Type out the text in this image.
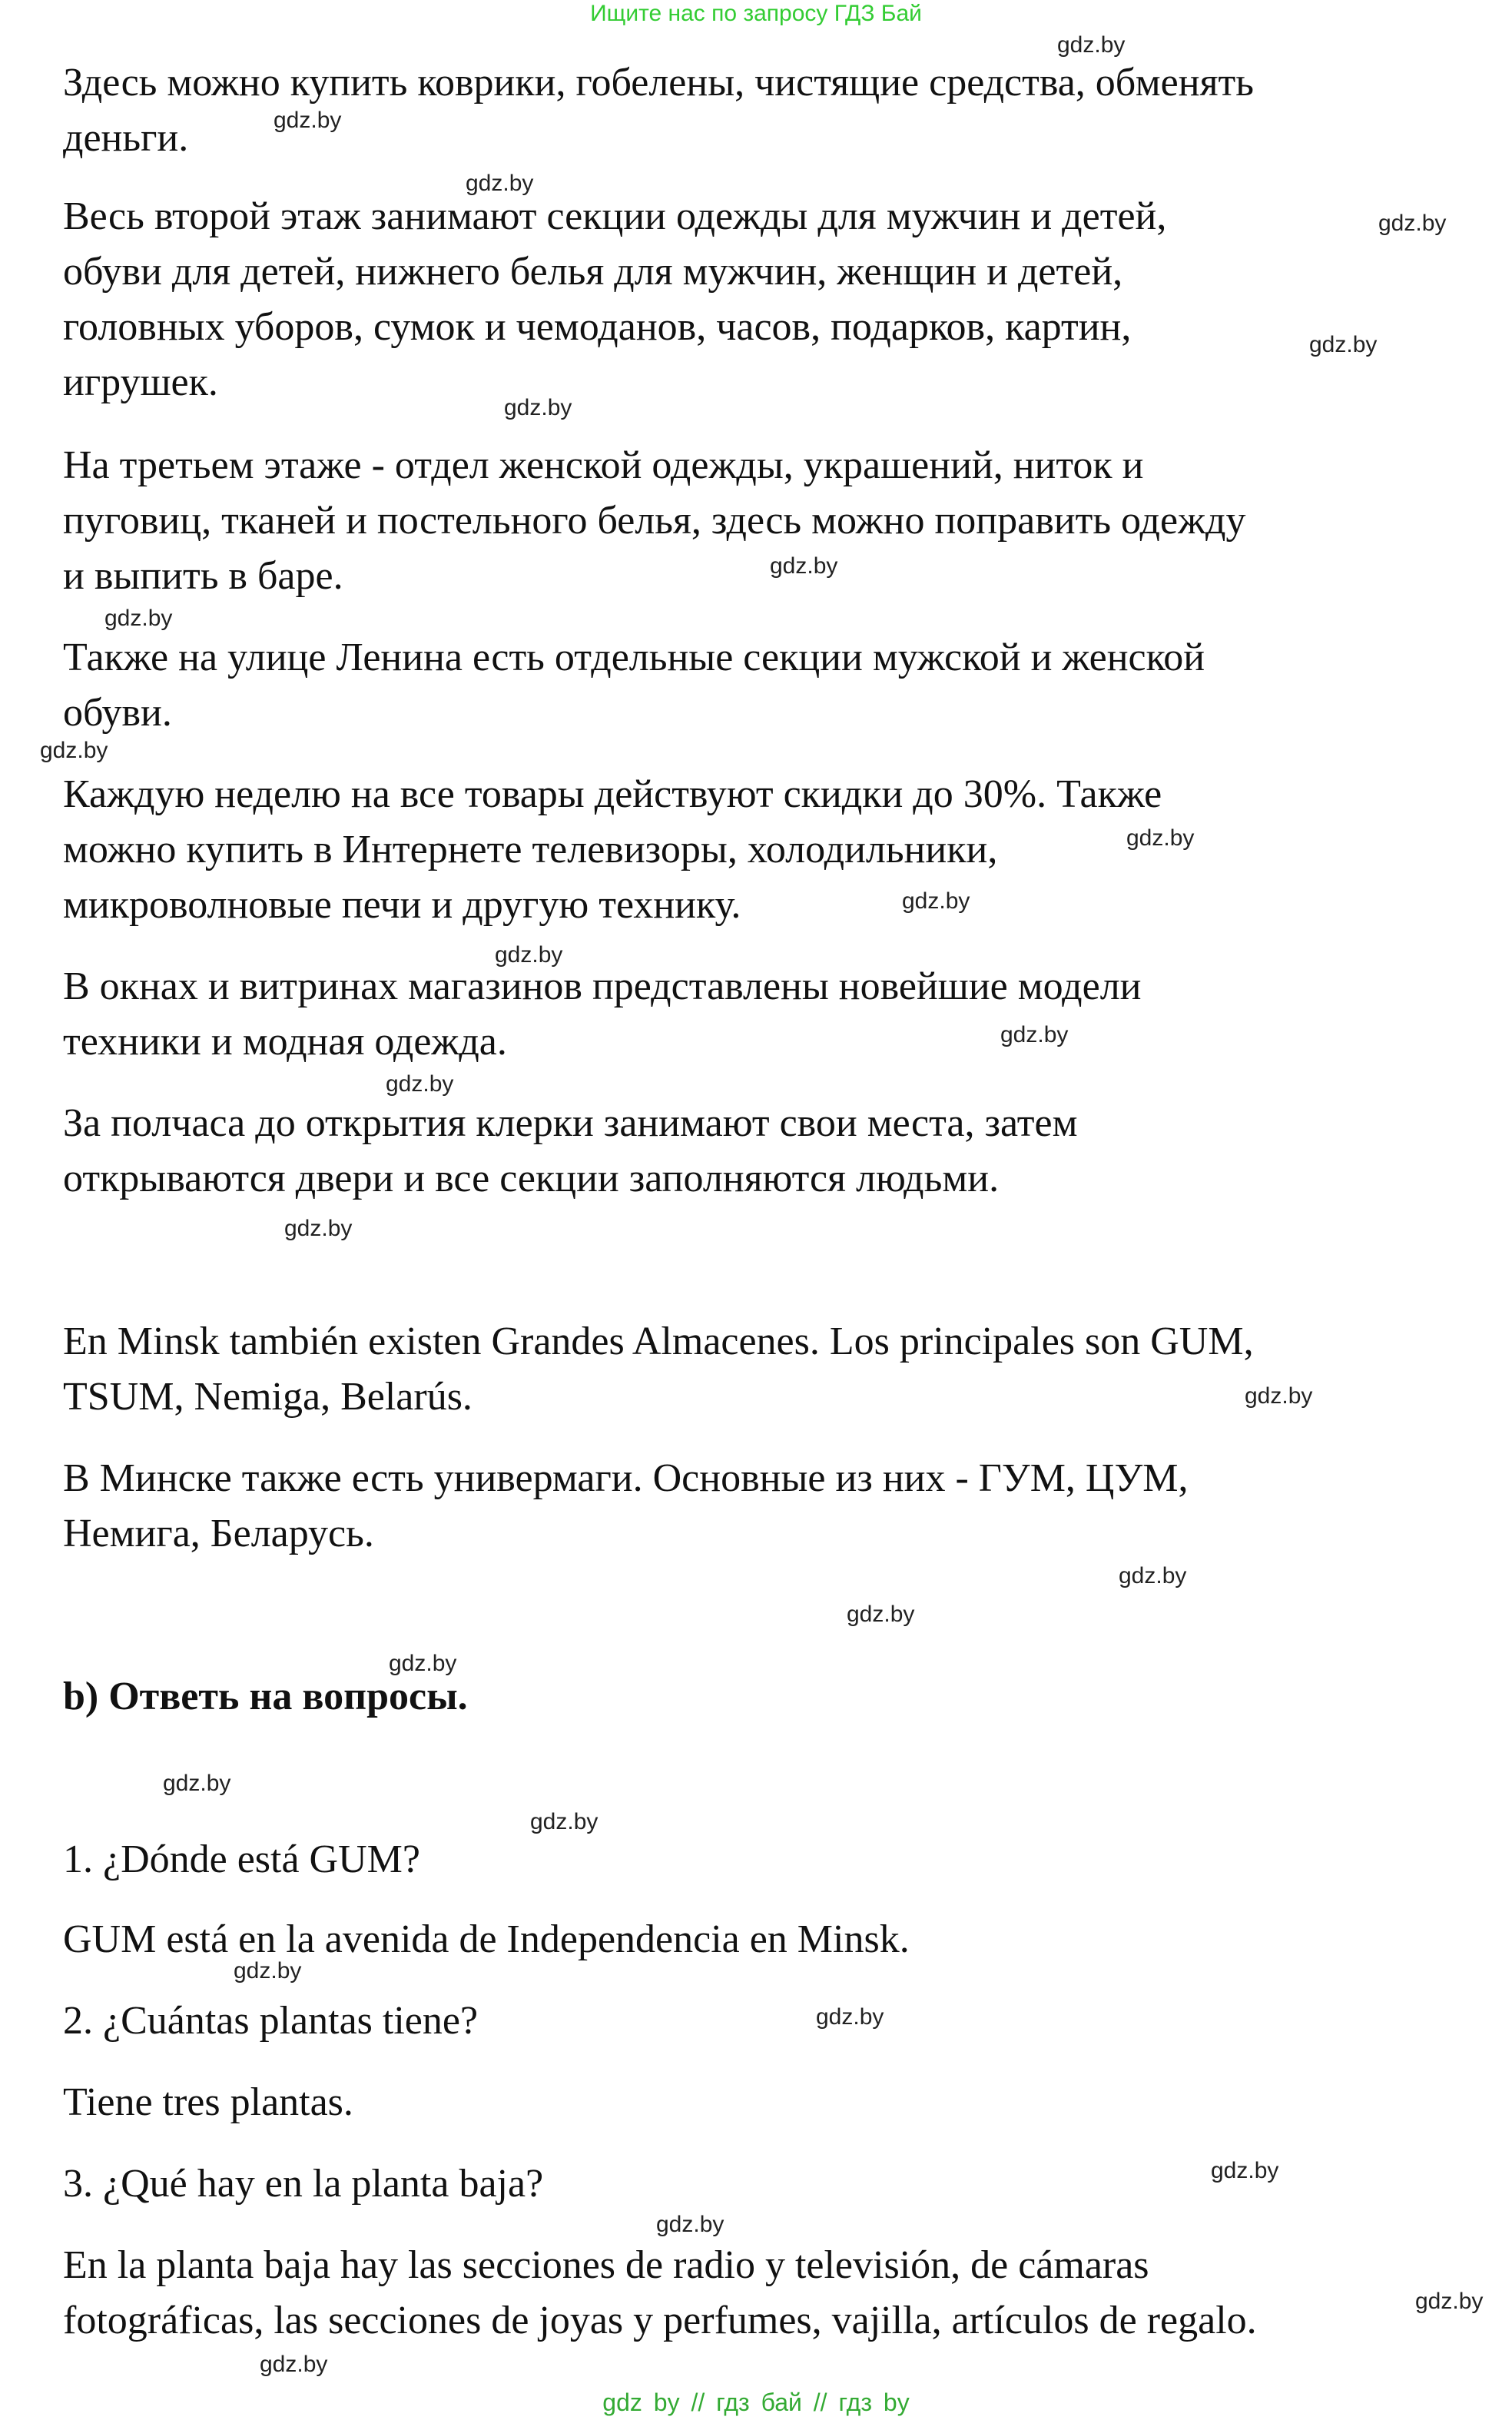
Ищите нас по запросу ГДЗ Бай

Здесь можно купить коврики, гобелены, чистящие средства, обменять
деньги.

Весь второй этаж занимают секции одежды для мужчин и детей,
обуви для детей, нижнего белья для мужчин, женщин и детей,
головных уборов, сумок и чемоданов, часов, подарков, картин,
игрушек.

На третьем этаже - отдел женской одежды, украшений, ниток и
пуговиц, тканей и постельного белья, здесь можно поправить одежду
и выпить в баре.

Также на улице Ленина есть отдельные секции мужской и женской
обуви.

Каждую неделю на все товары действуют скидки до 30%. Также
можно купить в Интернете телевизоры, холодильники,
микроволновые печи и другую технику.

В окнах и витринах магазинов представлены новейшие модели
техники и модная одежда.

За полчаса до открытия клерки занимают свои места, затем
открываются двери и все секции заполняются людьми.

En Minsk también existen Grandes Almacenes. Los principales son GUM,
TSUM, Nemiga, Belarús.

В Минске также есть универмаги. Основные из них - ГУМ, ЦУМ,
Немига, Беларусь.

b) Ответь на вопросы.

1. ¿Dónde está GUM?

GUM está en la avenida de Independencia en Minsk.

2. ¿Cuántas plantas tiene?

Tiene tres plantas.

3. ¿Qué hay en la planta baja?

En la planta baja hay las secciones de radio y televisión, de cámaras
fotográficas, las secciones de joyas y perfumes, vajilla, artículos de regalo.

gdz.by
gdz.by
gdz.by
gdz.by
gdz.by
gdz.by
gdz.by
gdz.by
gdz.by
gdz.by
gdz.by
gdz.by
gdz.by
gdz.by
gdz.by
gdz.by
gdz.by
gdz.by
gdz.by
gdz.by
gdz.by
gdz.by
gdz.by
gdz.by
gdz.by
gdz.by
gdz.by
gdz by // гдз бай // гдз by
